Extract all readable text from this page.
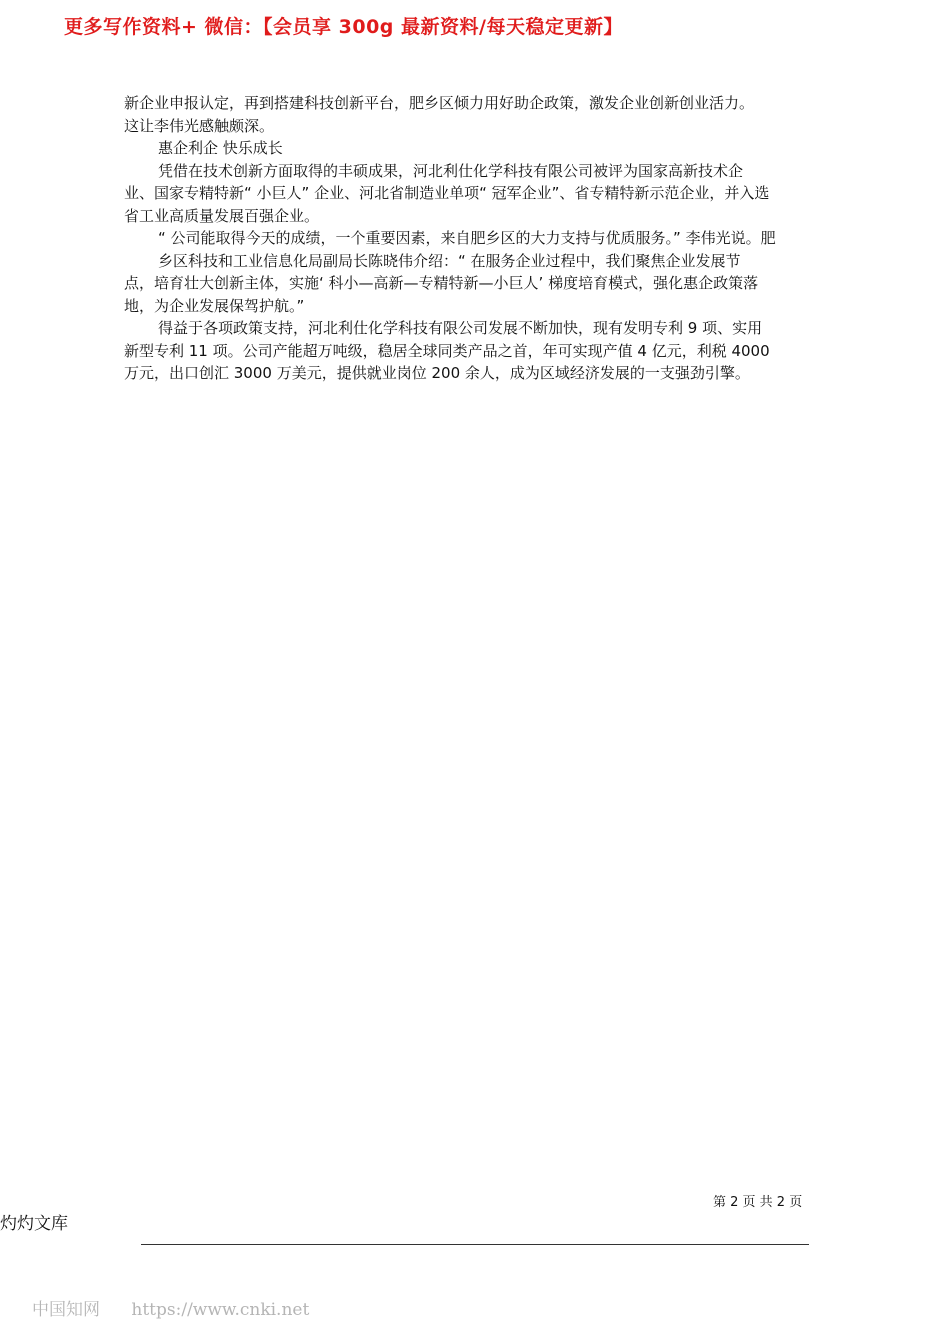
更多写作资料+ 微信：【会员享 300g 最新资料/每天稳定更新】
新企业申报认定，再到搭建科技创新平台，肥乡区倾力用好助企政策，激发企业创新创业活力。
这让李伟光感触颇深。
惠企利企 快乐成长
凭借在技术创新方面取得的丰硕成果，河北利仕化学科技有限公司被评为国家高新技术企
业、国家专精特新“ 小巨人” 企业、河北省制造业单项“ 冠军企业”、省专精特新示范企业，并入选
省工业高质量发展百强企业。
“ 公司能取得今天的成绩，一个重要因素，来自肥乡区的大力支持与优质服务。” 李伟光说。肥
乡区科技和工业信息化局副局长陈晓伟介绍：“ 在服务企业过程中，我们聚焦企业发展节
点，培育壮大创新主体，实施‘ 科小—高新—专精特新—小巨人’ 梯度培育模式，强化惠企政策落
地，为企业发展保驾护航。”
得益于各项政策支持，河北利仕化学科技有限公司发展不断加快，现有发明专利 9 项、实用
新型专利 11 项。公司产能超万吨级，稳居全球同类产品之首，年可实现产值 4 亿元，利税 4000
万元，出口创汇 3000 万美元，提供就业岗位 200 余人，成为区域经济发展的一支强劲引擎。
第 2 页 共 2 页
灼灼文库
中国知网 https://www.cnki.net
